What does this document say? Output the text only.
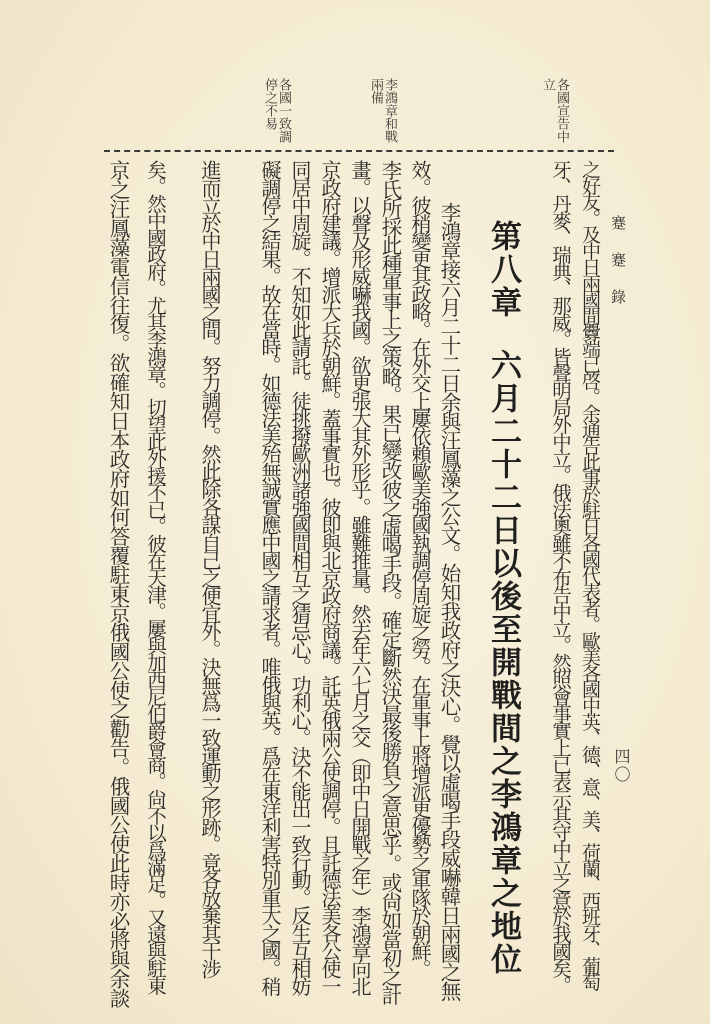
各國宣告中立
李鴻章和戰兩備
各國一致調停之不易
蹇蹇錄
四〇
之好友。及中日兩國間釁端已啓。余通告此事於駐日各國代表者。歐美各國中英、德、意、美、荷蘭、西班牙、葡萄
牙、丹麥、瑞典、那威。皆聲明局外中立。俄法奧雖不布告中立。然照會事實上已表示其守中立之意於我國矣。
第八章六月二十二日以後至開戰間之李鴻章之地位
李鴻章接六月二十二日余與汪鳳藻之公文。始知我政府之決心。覺以虛喝手段威嚇韓日兩國之無
效。彼稍變更其政略。在外交上屢依賴歐美強國執調停周旋之勞。在軍事上將增派更優勢之軍隊於朝鮮。
李氏所採此種軍事上之策略。果已變改彼之虛喝手段。確定斷然決最後勝負之意思乎。或尙如當初之計
畫。以聲及形威嚇我國。欲更張大其外形乎。雖難推量。然去年六七月之交（即中日開戰之年）李鴻章向北
京政府建議。增派大兵於朝鮮。蓋事實也。彼即與北京政府商議。託英俄兩公使調停。且託德法美各公使一
同居中周旋。不知如此請託。徒挑撥歐洲諸強國間相互之猜忌心。功利心。決不能出一致行動。反生互相妨
礙調停之結果。故在當時。如德法美殆無誠實應中國之請求者。唯俄與英。爲在東洋利害特別重大之國。稍
進而立於中日兩國之間。努力調停。然此除各謀自己之便宜外。決無爲一致運動之形跡。竟各放棄其干涉
矣。然中國政府。尤其李鴻章。切望此外援不已。彼在天津。屢與加西尼伯爵會商。尙不以爲滿足。又遠與駐東
京之汪鳳藻電信往復。欲確知日本政府如何答覆駐東京俄國公使之勸告。俄國公使此時亦必將與余談
